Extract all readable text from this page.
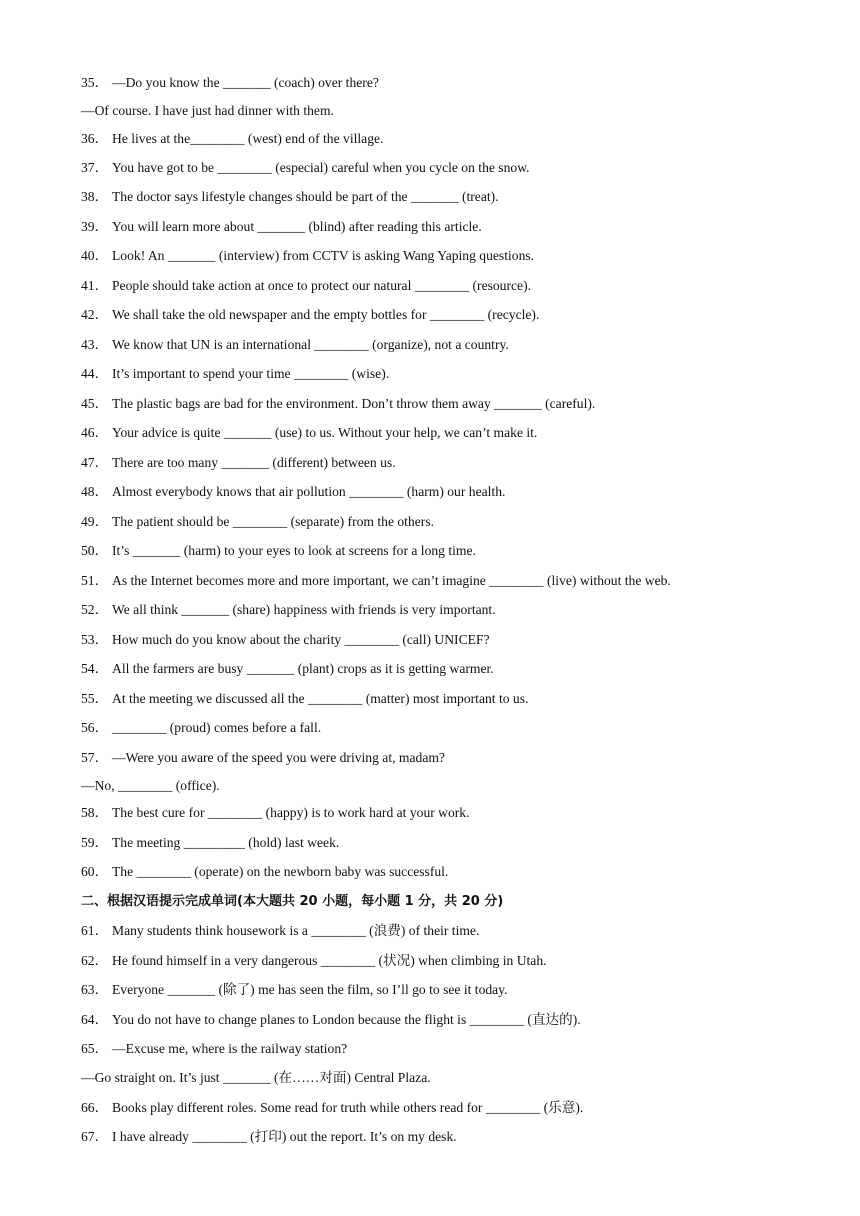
35． —Do you know the _______ (coach) over there?
—Of course. I have just had dinner with them.
36． He lives at the________ (west) end of the village.
37． You have got to be ________ (especial) careful when you cycle on the snow.
38． The doctor says lifestyle changes should be part of the _______ (treat).
39． You will learn more about _______ (blind) after reading this article.
40． Look! An _______ (interview) from CCTV is asking Wang Yaping questions.
41． People should take action at once to protect our natural ________ (resource).
42． We shall take the old newspaper and the empty bottles for ________ (recycle).
43． We know that UN is an international ________ (organize), not a country.
44． It’s important to spend your time ________ (wise).
45． The plastic bags are bad for the environment. Don’t throw them away _______ (careful).
46． Your advice is quite _______ (use) to us. Without your help, we can’t make it.
47． There are too many _______ (different) between us.
48． Almost everybody knows that air pollution ________ (harm) our health.
49． The patient should be ________ (separate) from the others.
50． It’s _______ (harm) to your eyes to look at screens for a long time.
51． As the Internet becomes more and more important, we can’t imagine ________ (live) without the web.
52． We all think _______ (share) happiness with friends is very important.
53． How much do you know about the charity ________ (call) UNICEF?
54． All the farmers are busy _______ (plant) crops as it is getting warmer.
55． At the meeting we discussed all the ________ (matter) most important to us.
56． ________ (proud) comes before a fall.
57． —Were you aware of the speed you were driving at, madam?
—No, ________ (office).
58． The best cure for ________ (happy) is to work hard at your work.
59． The meeting _________ (hold) last week.
60． The ________ (operate) on the newborn baby was successful.
二、根据汉语提示完成单词(本大题共 20 小题，每小题 1 分，共 20 分)
61． Many students think housework is a ________ (浪费) of their time.
62． He found himself in a very dangerous ________ (状况) when climbing in Utah.
63． Everyone _______ (除了) me has seen the film, so I’ll go to see it today.
64． You do not have to change planes to London because the flight is ________ (直达的).
65． —Excuse me, where is the railway station?
—Go straight on. It’s just _______ (在……对面) Central Plaza.
66． Books play different roles. Some read for truth while others read for ________ (乐意).
67． I have already ________ (打印) out the report. It’s on my desk.
